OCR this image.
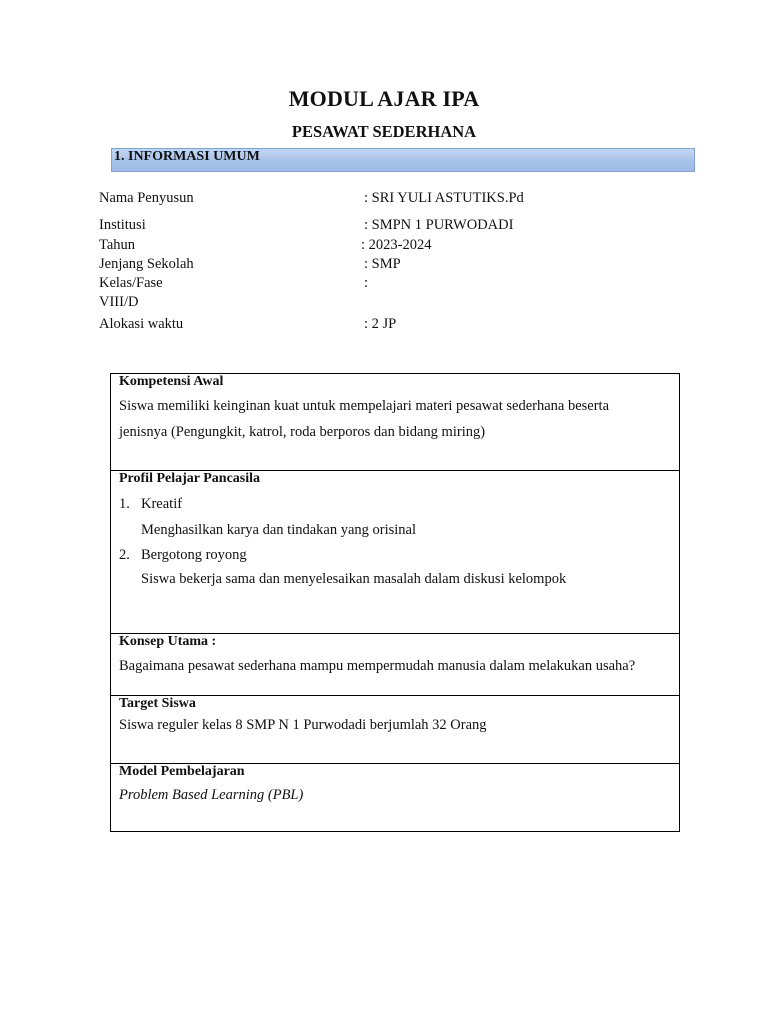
MODUL AJAR IPA
PESAWAT SEDERHANA
1. INFORMASI UMUM
Nama Penyusun	: SRI YULI ASTUTIKS.Pd
Institusi	: SMPN 1 PURWODADI
Tahun	: 2023-2024
Jenjang Sekolah	: SMP
Kelas/Fase	:
VIII/D
Alokasi waktu	: 2 JP
Kompetensi Awal
Siswa memiliki keinginan kuat untuk mempelajari materi pesawat sederhana beserta
jenisnya (Pengungkit, katrol, roda berporos dan bidang miring)
Profil Pelajar Pancasila
1. Kreatif
Menghasilkan karya dan tindakan yang orisinal
2. Bergotong royong
Siswa bekerja sama dan menyelesaikan masalah dalam diskusi kelompok
Konsep Utama :
Bagaimana pesawat sederhana mampu mempermudah manusia dalam melakukan usaha?
Target Siswa
Siswa reguler kelas 8 SMP N 1 Purwodadi berjumlah 32 Orang
Model Pembelajaran
Problem Based Learning (PBL)
